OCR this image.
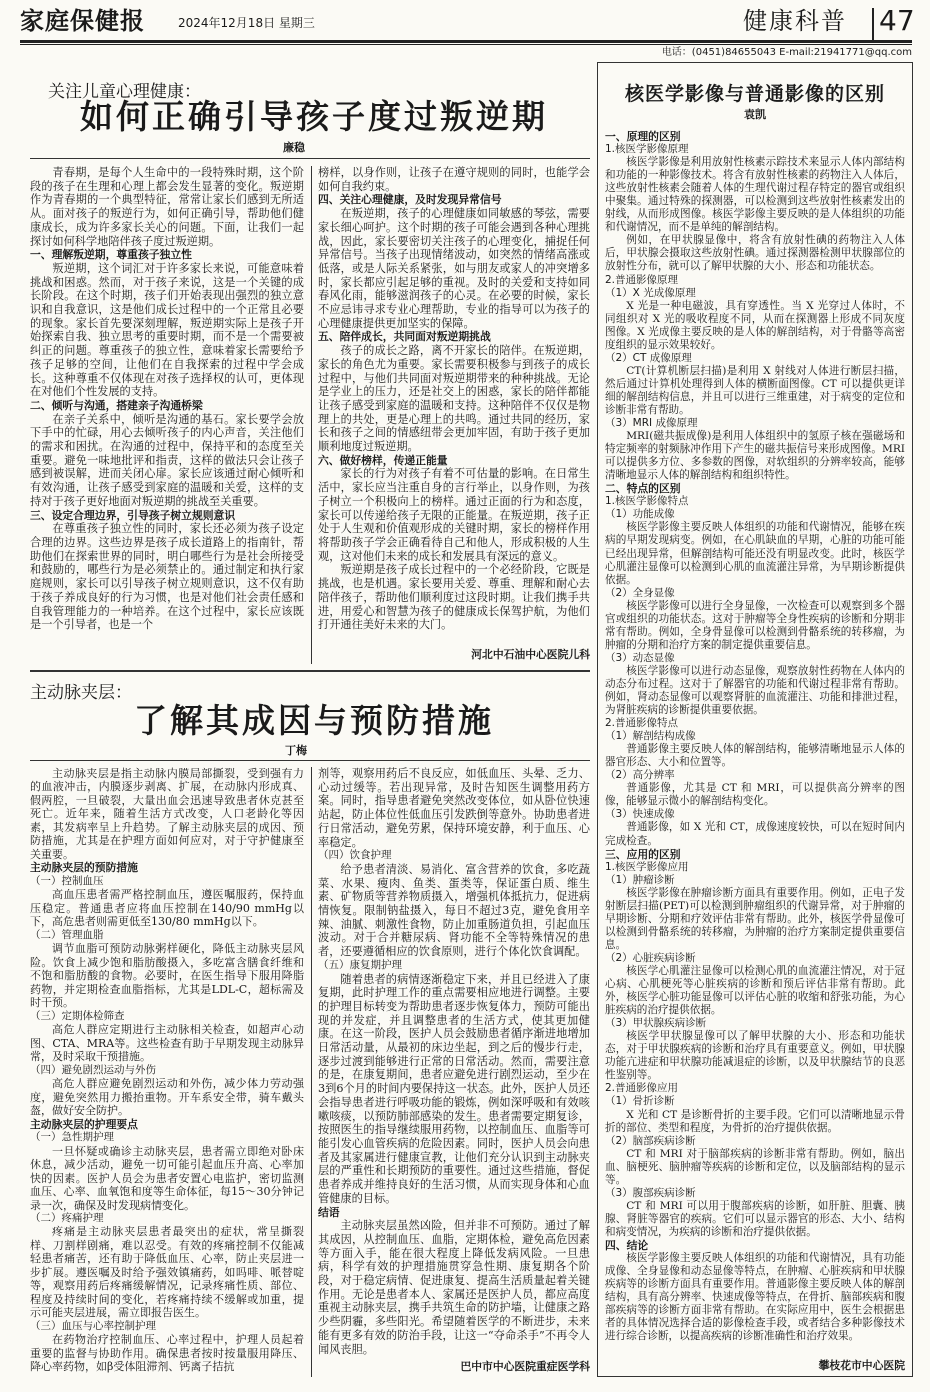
家庭保健报	2024年12月18日 星期三	健康科普 47
电话：(0451)84655043 E-mail:21941771@qq.com
关注儿童心理健康：
如何正确引导孩子度过叛逆期
廉稳

青春期，是每个人生命中的一段特殊时期，这个阶段的孩子在生理和心理上都会发生显著的变化。叛逆期作为青春期的一个典型特征，常常让家长们感到无所适从。面对孩子的叛逆行为，如何正确引导，帮助他们健康成长，成为许多家长关心的问题。下面，让我们一起探讨如何科学地陪伴孩子度过叛逆期。

一、理解叛逆期，尊重孩子独立性

叛逆期，这个词汇对于许多家长来说，可能意味着挑战和困惑。然而，对于孩子来说，这是一个关键的成长阶段。在这个时期，孩子们开始表现出强烈的独立意识和自我意识，这是他们成长过程中的一个正常且必要的现象。家长首先要深刻理解，叛逆期实际上是孩子开始探索自我、独立思考的重要时期，而不是一个需要被纠正的问题。尊重孩子的独立性，意味着家长需要给予孩子足够的空间，让他们在自我探索的过程中学会成长。这种尊重不仅体现在对孩子选择权的认可，更体现在对他们个性发展的支持。

二、倾听与沟通，搭建亲子沟通桥梁

在亲子关系中，倾听是沟通的基石。家长要学会放下手中的忙碌，用心去倾听孩子的内心声音，关注他们的需求和困扰。在沟通的过程中，保持平和的态度至关重要。避免一味地批评和指责，这样的做法只会让孩子感到被误解，进而关闭心扉。家长应该通过耐心倾听和有效沟通，让孩子感受到家庭的温暖和关爱，这样的支持对于孩子更好地面对叛逆期的挑战至关重要。

三、设定合理边界，引导孩子树立规则意识

在尊重孩子独立性的同时，家长还必须为孩子设定合理的边界。这些边界是孩子成长道路上的指南针，帮助他们在探索世界的同时，明白哪些行为是社会所接受和鼓励的，哪些行为是必须禁止的。通过制定和执行家庭规则，家长可以引导孩子树立规则意识，这不仅有助于孩子养成良好的行为习惯，也是对他们社会责任感和自我管理能力的一种培养。在这个过程中，家长应该既是一个引导者，也是一个

榜样，以身作则，让孩子在遵守规则的同时，也能学会如何自我约束。

四、关注心理健康，及时发现异常信号

在叛逆期，孩子的心理健康如同敏感的琴弦，需要家长细心呵护。这个时期的孩子可能会遇到各种心理挑战，因此，家长要密切关注孩子的心理变化，捕捉任何异常信号。当孩子出现情绪波动，如突然的情绪高涨或低落，或是人际关系紧张，如与朋友或家人的冲突增多时，家长都应引起足够的重视。及时的关爱和支持如同春风化雨，能够滋润孩子的心灵。在必要的时候，家长不应忌讳寻求专业心理帮助，专业的指导可以为孩子的心理健康提供更加坚实的保障。

五、陪伴成长，共同面对叛逆期挑战

孩子的成长之路，离不开家长的陪伴。在叛逆期，家长的角色尤为重要。家长需要积极参与到孩子的成长过程中，与他们共同面对叛逆期带来的种种挑战。无论是学业上的压力，还是社交上的困惑，家长的陪伴都能让孩子感受到家庭的温暖和支持。这种陪伴不仅仅是物理上的共处，更是心理上的共鸣。通过共同的经历，家长和孩子之间的情感纽带会更加牢固，有助于孩子更加顺利地度过叛逆期。

六、做好榜样，传递正能量

家长的行为对孩子有着不可估量的影响。在日常生活中，家长应当注重自身的言行举止，以身作则，为孩子树立一个积极向上的榜样。通过正面的行为和态度，家长可以传递给孩子无限的正能量。在叛逆期，孩子正处于人生观和价值观形成的关键时期，家长的榜样作用将帮助孩子学会正确看待自己和他人，形成积极的人生观，这对他们未来的成长和发展具有深远的意义。

叛逆期是孩子成长过程中的一个必经阶段，它既是挑战，也是机遇。家长要用关爱、尊重、理解和耐心去陪伴孩子，帮助他们顺利度过这段时期。让我们携手共进，用爱心和智慧为孩子的健康成长保驾护航，为他们打开通往美好未来的大门。

河北中石油中心医院儿科
主动脉夹层：
了解其成因与预防措施
丁梅

主动脉夹层是指主动脉内膜局部撕裂，受到强有力的血液冲击，内膜逐步剥离、扩展，在动脉内形成真、假两腔，一旦破裂，大量出血会迅速导致患者休克甚至死亡。近年来，随着生活方式改变，人口老龄化等因素，其发病率呈上升趋势。了解主动脉夹层的成因、预防措施，尤其是在护理方面如何应对，对于守护健康至关重要。

主动脉夹层的预防措施
（一）控制血压

高血压患者需严格控制血压，遵医嘱服药，保持血压稳定。普通患者应将血压控制在140/90 mmHg以下，高危患者则需更低至130/80 mmHg以下。

（二）管理血脂

调节血脂可预防动脉粥样硬化，降低主动脉夹层风险。饮食上减少饱和脂肪酸摄入，多吃富含膳食纤维和不饱和脂肪酸的食物。必要时，在医生指导下服用降脂药物，并定期检查血脂指标，尤其是LDL-C，超标需及时干预。

（三）定期体检筛查

高危人群应定期进行主动脉相关检查，如超声心动图、CTA、MRA等。这些检查有助于早期发现主动脉异常，及时采取干预措施。

（四）避免剧烈运动与外伤

高危人群应避免剧烈运动和外伤，减少体力劳动强度，避免突然用力搬抬重物。开车系安全带，骑车戴头盔，做好安全防护。

主动脉夹层的护理要点
（一）急性期护理

一旦怀疑或确诊主动脉夹层，患者需立即绝对卧床休息，减少活动，避免一切可能引起血压升高、心率加快的因素。医护人员会为患者安置心电监护，密切监测血压、心率、血氧饱和度等生命体征，每15～30分钟记录一次，确保及时发现病情变化。

（二）疼痛护理

疼痛是主动脉夹层患者最突出的症状，常呈撕裂样、刀割样剧痛，难以忍受。有效的疼痛控制不仅能减轻患者痛苦，还有助于降低血压、心率，防止夹层进一步扩展。遵医嘱及时给予强效镇痛药，如吗啡、哌替啶等，观察用药后疼痛缓解情况，记录疼痛性质、部位、程度及持续时间的变化，若疼痛持续不缓解或加重，提示可能夹层进展，需立即报告医生。

（三）血压与心率控制护理

在药物治疗控制血压、心率过程中，护理人员起着重要的监督与协助作用。确保患者按时按量服用降压、降心率药物，如β受体阻滞剂、钙离子拮抗

剂等，观察用药后不良反应，如低血压、头晕、乏力、心动过缓等。若出现异常，及时告知医生调整用药方案。同时，指导患者避免突然改变体位，如从卧位快速站起，防止体位性低血压引发跌倒等意外。协助患者进行日常活动，避免劳累，保持环境安静，利于血压、心率稳定。

（四）饮食护理

给予患者清淡、易消化、富含营养的饮食，多吃蔬菜、水果、瘦肉、鱼类、蛋类等，保证蛋白质、维生素、矿物质等营养物质摄入，增强机体抵抗力，促进病情恢复。限制钠盐摄入，每日不超过3克，避免食用辛辣、油腻、刺激性食物，防止加重肠道负担，引起血压波动。对于合并糖尿病、肾功能不全等特殊情况的患者，还要遵循相应的饮食原则，进行个体化饮食调配。

（五）康复期护理

随着患者的病情逐渐稳定下来，并且已经进入了康复期，此时护理工作的重点需要相应地进行调整。主要的护理目标转变为帮助患者逐步恢复体力，预防可能出现的并发症，并且调整患者的生活方式，使其更加健康。在这一阶段，医护人员会鼓励患者循序渐进地增加日常活动量，从最初的床边坐起，到之后的慢步行走，逐步过渡到能够进行正常的日常活动。然而，需要注意的是，在康复期间，患者应避免进行剧烈运动，至少在3到6个月的时间内要保持这一状态。此外，医护人员还会指导患者进行呼吸功能的锻炼，例如深呼吸和有效咳嗽咳痰，以预防肺部感染的发生。患者需要定期复诊，按照医生的指导继续服用药物，以控制血压、血脂等可能引发心血管疾病的危险因素。同时，医护人员会向患者及其家属进行健康宣教，让他们充分认识到主动脉夹层的严重性和长期预防的重要性。通过这些措施，督促患者养成并维持良好的生活习惯，从而实现身体和心血管健康的目标。

结语

主动脉夹层虽然凶险，但并非不可预防。通过了解其成因，从控制血压、血脂，定期体检，避免高危因素等方面入手，能在很大程度上降低发病风险。一旦患病，科学有效的护理措施贯穿急性期、康复期各个阶段，对于稳定病情、促进康复、提高生活质量起着关键作用。无论是患者本人、家属还是医护人员，都应高度重视主动脉夹层，携手共筑生命的防护墙，让健康之路少些阴霾，多些阳光。希望随着医学的不断进步，未来能有更多有效的防治手段，让这一“夺命杀手”不再令人闻风丧胆。

巴中市中心医院重症医学科
核医学影像与普通影像的区别
袁凯
一、原理的区别
1.核医学影像原理

核医学影像是利用放射性核素示踪技术来显示人体内部结构和功能的一种影像技术。将含有放射性核素的药物注入人体后，这些放射性核素会随着人体的生理代谢过程存特定的器官或组织中聚集。通过特殊的探测器，可以检测到这些放射性核素发出的射线，从而形成图像。核医学影像主要反映的是人体组织的功能和代谢情况，而不是单纯的解剖结构。

例如，在甲状腺显像中，将含有放射性碘的药物注入人体后，甲状腺会摄取这些放射性碘。通过探测器检测甲状腺部位的放射性分布，就可以了解甲状腺的大小、形态和功能状态。

2.普通影像原理
（1）X 光成像原理

X 光是一种电磁波，具有穿透性。当 X 光穿过人体时，不同组织对 X 光的吸收程度不同，从而在探测器上形成不同灰度图像。X 光成像主要反映的是人体的解剖结构，对于骨骼等高密度组织的显示效果较好。

（2）CT 成像原理

CT(计算机断层扫描)是利用 X 射线对人体进行断层扫描，然后通过计算机处理得到人体的横断面图像。CT 可以提供更详细的解剖结构信息，并且可以进行三维重建，对于病变的定位和诊断非常有帮助。

（3）MRI 成像原理

MRI(磁共振成像)是利用人体组织中的氢原子核在强磁场和特定频率的射频脉冲作用下产生的磁共振信号来形成图像。MRI 可以提供多方位、多参数的图像，对软组织的分辨率较高，能够清晰地显示人体的解剖结构和组织特性。

二、特点的区别
1.核医学影像特点
（1）功能成像

核医学影像主要反映人体组织的功能和代谢情况，能够在疾病的早期发现病变。例如，在心肌缺血的早期，心脏的功能可能已经出现异常，但解剖结构可能还没有明显改变。此时，核医学心肌灌注显像可以检测到心肌的血流灌注异常，为早期诊断提供依据。

（2）全身显像

核医学影像可以进行全身显像，一次检查可以观察到多个器官或组织的功能状态。这对于肿瘤等全身性疾病的诊断和分期非常有帮助。例如，全身骨显像可以检测到骨骼系统的转移瘤，为肿瘤的分期和治疗方案的制定提供重要信息。

（3）动态显像

核医学影像可以进行动态显像，观察放射性药物在人体内的动态分布过程。这对于了解器官的功能和代谢过程非常有帮助。例如，肾动态显像可以观察肾脏的血流灌注、功能和排泄过程，为肾脏疾病的诊断提供重要依据。

2.普通影像特点
（1）解剖结构成像

普通影像主要反映人体的解剖结构，能够清晰地显示人体的器官形态、大小和位置等。

（2）高分辨率

普通影像，尤其是 CT 和 MRI，可以提供高分辨率的图像，能够显示微小的解剖结构变化。

（3）快速成像

普通影像，如 X 光和 CT，成像速度较快，可以在短时间内完成检查。

三、应用的区别
1.核医学影像应用
（1）肿瘤诊断

核医学影像在肿瘤诊断方面具有重要作用。例如，正电子发射断层扫描(PET)可以检测到肿瘤组织的代谢异常，对于肿瘤的早期诊断、分期和疗效评估非常有帮助。此外，核医学骨显像可以检测到骨骼系统的转移瘤，为肿瘤的治疗方案制定提供重要信息。

（2）心脏疾病诊断

核医学心肌灌注显像可以检测心肌的血流灌注情况，对于冠心病、心肌梗死等心脏疾病的诊断和预后评估非常有帮助。此外，核医学心脏功能显像可以评估心脏的收缩和舒张功能，为心脏疾病的治疗提供依据。

（3）甲状腺疾病诊断

核医学甲状腺显像可以了解甲状腺的大小、形态和功能状态，对于甲状腺疾病的诊断和治疗具有重要意义。例如，甲状腺功能亢进症和甲状腺功能减退症的诊断，以及甲状腺结节的良恶性鉴别等。

2.普通影像应用
（1）骨折诊断

X 光和 CT 是诊断骨折的主要手段。它们可以清晰地显示骨折的部位、类型和程度，为骨折的治疗提供依据。

（2）脑部疾病诊断

CT 和 MRI 对于脑部疾病的诊断非常有帮助。例如，脑出血、脑梗死、脑肿瘤等疾病的诊断和定位，以及脑部结构的显示等。

（3）腹部疾病诊断

CT 和 MRI 可以用于腹部疾病的诊断，如肝脏、胆囊、胰腺、肾脏等器官的疾病。它们可以显示器官的形态、大小、结构和病变情况，为疾病的诊断和治疗提供依据。

四、结论

核医学影像主要反映人体组织的功能和代谢情况，具有功能成像、全身显像和动态显像等特点，在肿瘤、心脏疾病和甲状腺疾病等的诊断方面具有重要作用。普通影像主要反映人体的解剖结构，具有高分辨率、快速成像等特点，在骨折、脑部疾病和腹部疾病等的诊断方面非常有帮助。在实际应用中，医生会根据患者的具体情况选择合适的影像检查手段，或者结合多种影像技术进行综合诊断，以提高疾病的诊断准确性和治疗效果。

攀枝花市中心医院
